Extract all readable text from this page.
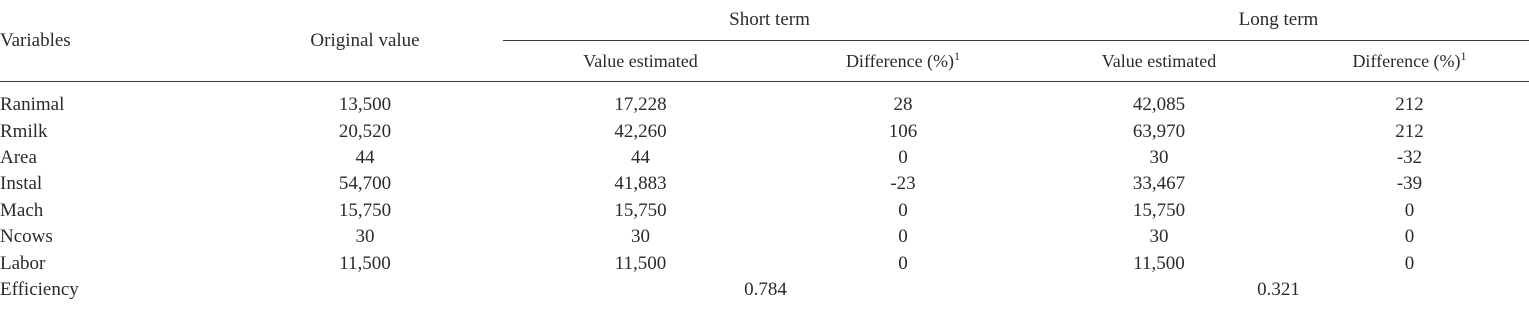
Variables	Original value	Short term		Long term	
		Value estimated	Difference (%)$^1$	Value estimated	Difference (%)$^1$
Ranimal	13,500	17,228	28	42,085	212
Rmilk	20,520	42,260	106	63,970	212
Area	44	44	0	30	-32
Instal	54,700	41,883	-23	33,467	-39
Mach	15,750	15,750	0	15,750	0
Ncows	30	30	0	30	0
Labor	11,500	11,500	0	11,500	0
Efficiency		0.784		0.321	
